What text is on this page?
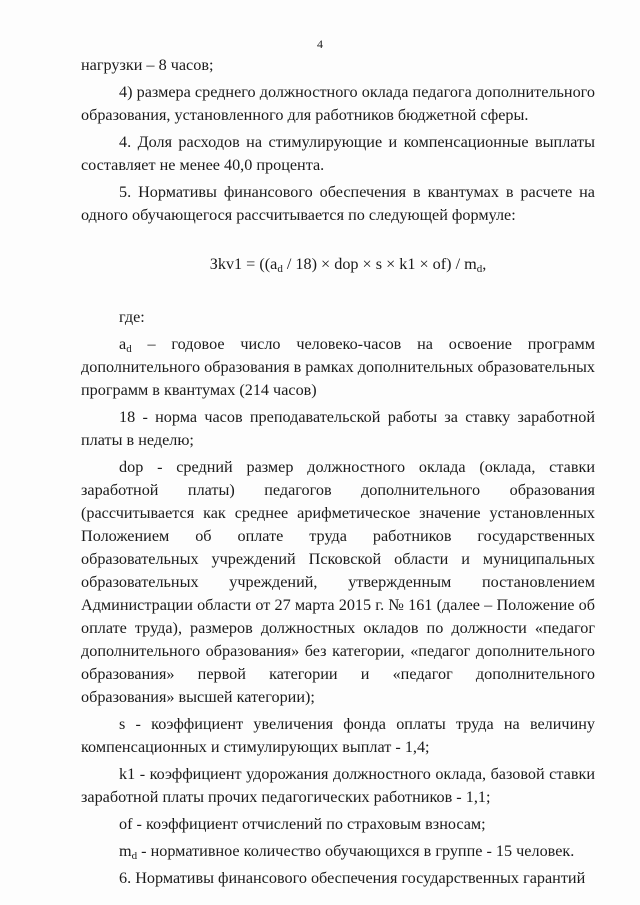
4

нагрузки – 8 часов;

4) размера среднего должностного оклада педагога дополнительного образования, установленного для работников бюджетной сферы.

4. Доля расходов на стимулирующие и компенсационные выплаты составляет не менее 40,0 процента.

5. Нормативы финансового обеспечения в квантумах в расчете на одного обучающегося рассчитывается по следующей формуле:

$Зkv1 = ((a_d / 18)$ × dop × $s \times k1 \times of) / m_d$,

где:

$a_d$ – годовое число человеко-часов на освоение программ дополнительного образования в рамках дополнительных образовательных программ в квантумах (214 часов)

18 - норма часов преподавательской работы за ставку заработной платы в неделю;

dop - средний размер должностного оклада (оклада, ставки заработной платы) педагогов дополнительного образования (рассчитывается как среднее арифметическое значение установленных Положением об оплате труда работников государственных образовательных учреждений Псковской области и муниципальных образовательных учреждений, утвержденным постановлением Администрации области от 27 марта 2015 г. № 161 (далее – Положение об оплате труда), размеров должностных окладов по должности «педагог дополнительного образования» без категории, «педагог дополнительного образования» первой категории и «педагог дополнительного образования» высшей категории);

s - коэффициент увеличения фонда оплаты труда на величину компенсационных и стимулирующих выплат - 1,4;

k1 - коэффициент удорожания должностного оклада, базовой ставки заработной платы прочих педагогических работников - 1,1;

of - коэффициент отчислений по страховым взносам;

$m_d$ - нормативное количество обучающихся в группе - 15 человек.

6. Нормативы финансового обеспечения государственных гарантий
